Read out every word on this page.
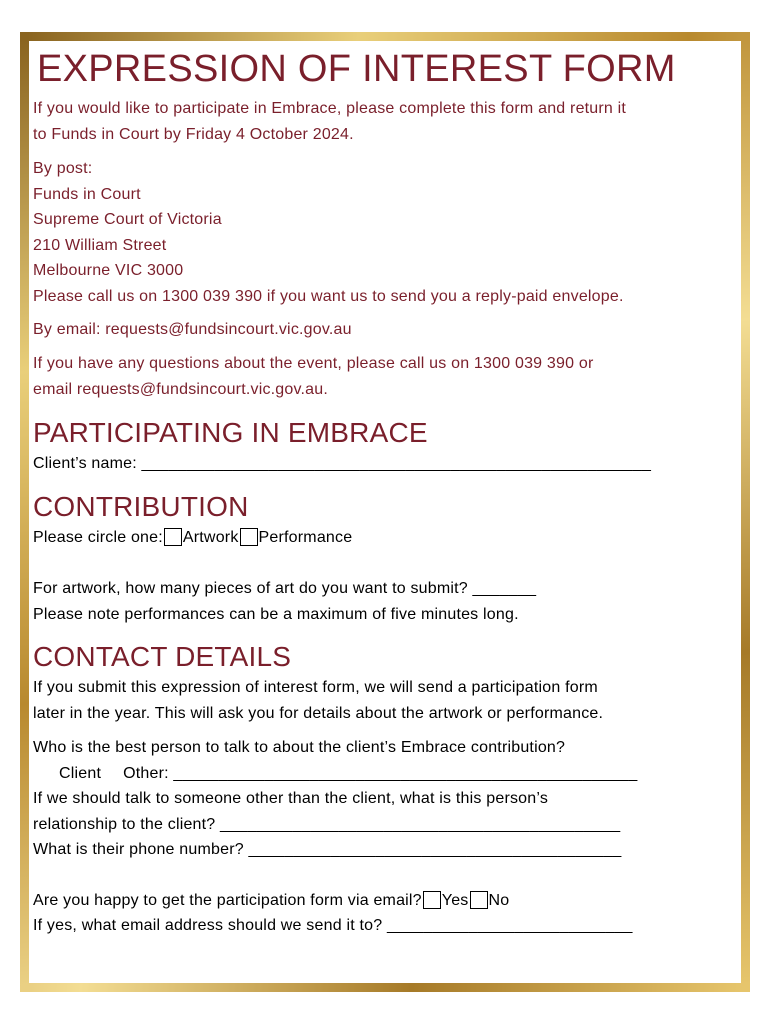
EXPRESSION OF INTEREST FORM

If you would like to participate in Embrace, please complete this form and return it
to Funds in Court by Friday 4 October 2024.

By post:
Funds in Court
Supreme Court of Victoria
210 William Street
Melbourne VIC 3000
Please call us on 1300 039 390 if you want us to send you a reply-paid envelope.

By email: requests@fundsincourt.vic.gov.au

If you have any questions about the event, please call us on 1300 039 390 or
email requests@fundsincourt.vic.gov.au.

PARTICIPATING IN EMBRACE
Client’s name: ________________________________________________________
CONTRIBUTION
Please circle one: Artwork Performance
For artwork, how many pieces of art do you want to submit? _______
Please note performances can be a maximum of five minutes long.
CONTACT DETAILS
If you submit this expression of interest form, we will send a participation form
later in the year. This will ask you for details about the artwork or performance.
Who is the best person to talk to about the client’s Embrace contribution?
Client Other: ___________________________________________________
If we should talk to someone other than the client, what is this person’s
relationship to the client? ____________________________________________
What is their phone number? _________________________________________
Are you happy to get the participation form via email? Yes No
If yes, what email address should we send it to? ___________________________
